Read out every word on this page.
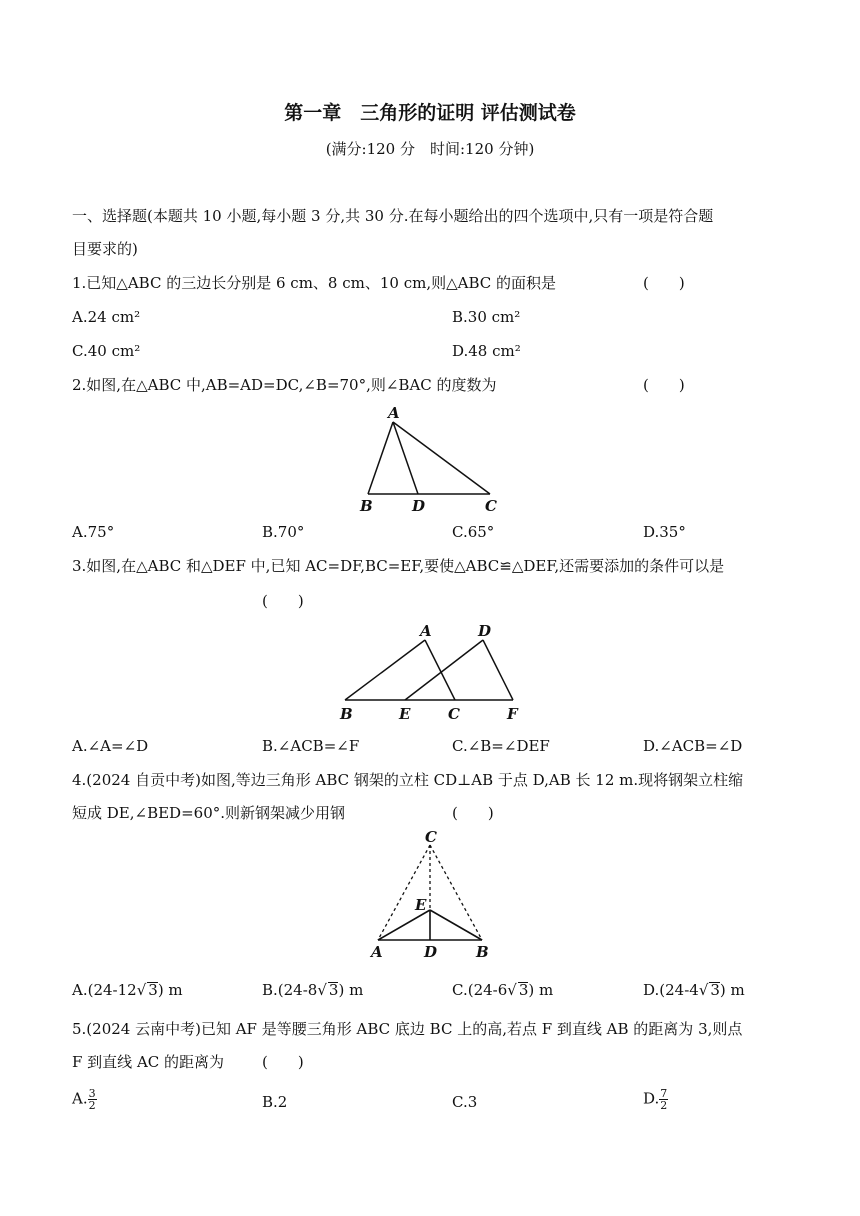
第一章　三角形的证明 评估测试卷
(满分:120 分　时间:120 分钟)
一、选择题(本题共 10 小题,每小题 3 分,共 30 分.在每小题给出的四个选项中,只有一项是符合题
目要求的)
1.已知△ABC 的三边长分别是 6 cm、8 cm、10 cm,则△ABC 的面积是	(　　)
A.24 cm²	B.30 cm²
C.40 cm²	D.48 cm²
2.如图,在△ABC 中,AB=AD=DC,∠B=70°,则∠BAC 的度数为	(　　)
A
B	D	C
A.75°	B.70°	C.65°	D.35°
3.如图,在△ABC 和△DEF 中,已知 AC=DF,BC=EF,要使△ABC≌△DEF,还需要添加的条件可以是
(　　)
A	D
B	E	C	F
A.∠A=∠D	B.∠ACB=∠F	C.∠B=∠DEF	D.∠ACB=∠D
4.(2024 自贡中考)如图,等边三角形 ABC 钢架的立柱 CD⊥AB 于点 D,AB 长 12 m.现将钢架立柱缩
短成 DE,∠BED=60°.则新钢架减少用钢	(　　)
C
E
A	D	B
A.(24-12√ 3) m	B.(24-8√ 3) m	C.(24-6√ 3) m	D.(24-4√ 3) m
5.(2024 云南中考)已知 AF 是等腰三角形 ABC 底边 BC 上的高,若点 F 到直线 AB 的距离为 3,则点
F 到直线 AC 的距离为	(　　)
A. $\frac{3}{2}$	B.2	C.3	D. $\frac{7}{2}$
